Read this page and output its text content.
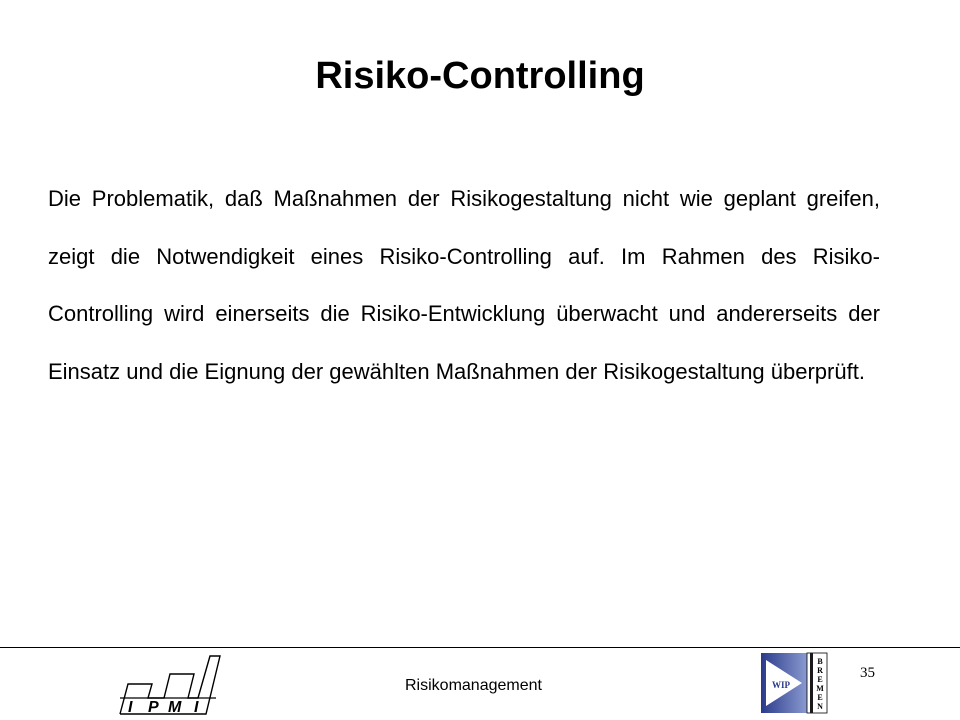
Risiko-Controlling

Die Problematik, daß Maßnahmen der Risikogestaltung nicht wie geplant greifen, zeigt die Notwendigkeit eines Risiko-Controlling auf. Im Rahmen des Risiko-Controlling wird einerseits die Risiko-Entwicklung überwacht und andererseits der Einsatz und die Eignung der gewählten Maßnahmen der Risikogestaltung überprüft.

I P M I
Risikomanagement	WIP
B
R
E
M
E
N
35
